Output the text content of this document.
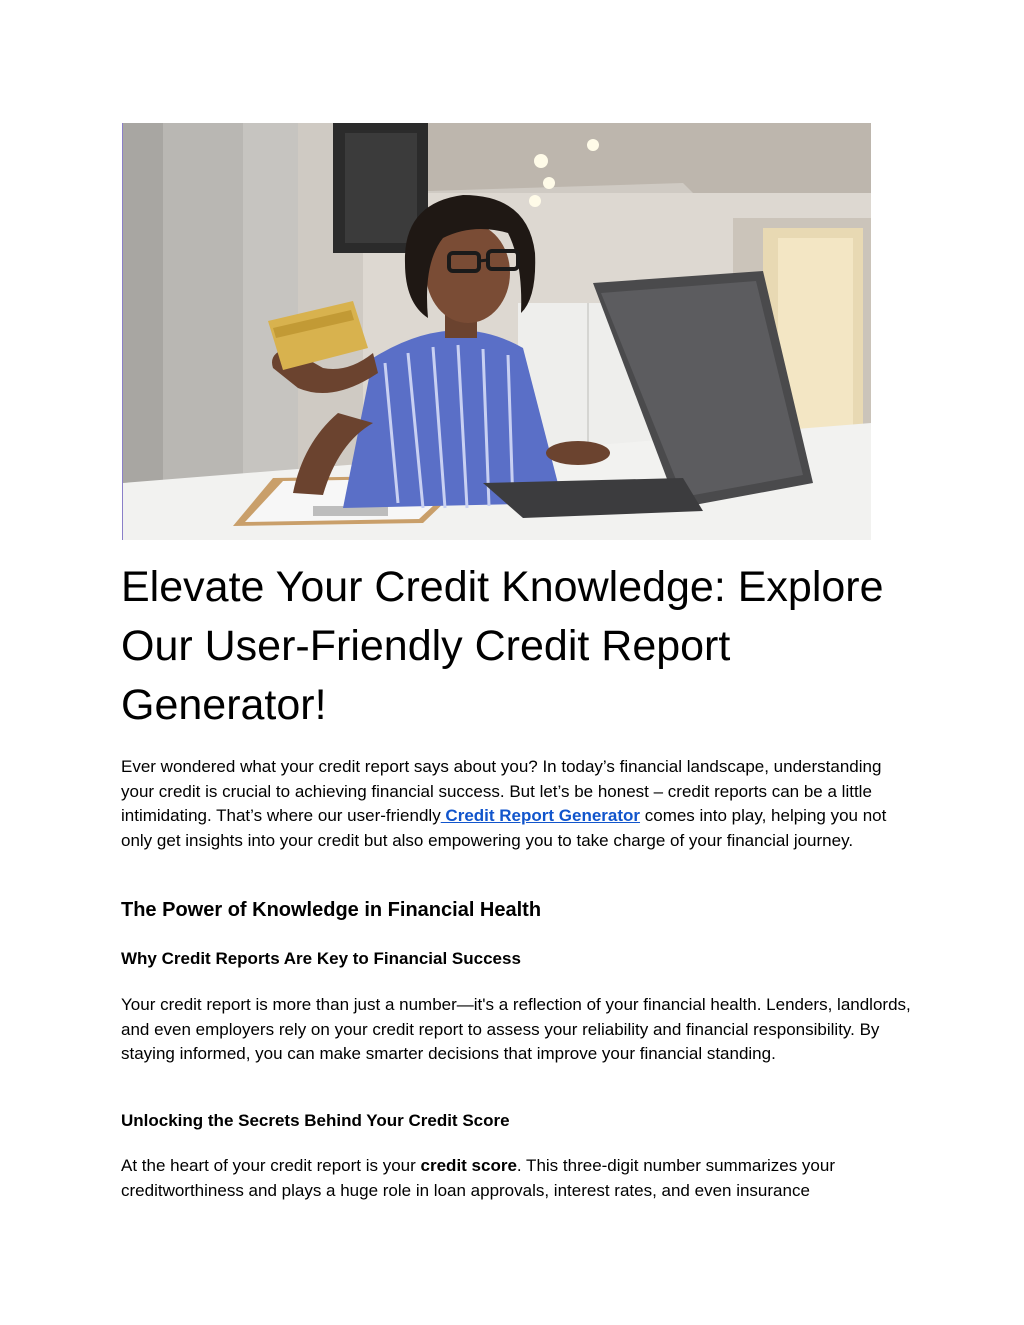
Elevate Your Credit Knowledge: Explore Our User-Friendly Credit Report Generator!

Ever wondered what your credit report says about you? In today’s financial landscape, understanding your credit is crucial to achieving financial success. But let’s be honest – credit reports can be a little intimidating. That’s where our user-friendly Credit Report Generator comes into play, helping you not only get insights into your credit but also empowering you to take charge of your financial journey.

The Power of Knowledge in Financial Health
Why Credit Reports Are Key to Financial Success

Your credit report is more than just a number—it's a reflection of your financial health. Lenders, landlords, and even employers rely on your credit report to assess your reliability and financial responsibility. By staying informed, you can make smarter decisions that improve your financial standing.

Unlocking the Secrets Behind Your Credit Score

At the heart of your credit report is your credit score. This three-digit number summarizes your creditworthiness and plays a huge role in loan approvals, interest rates, and even insurance
